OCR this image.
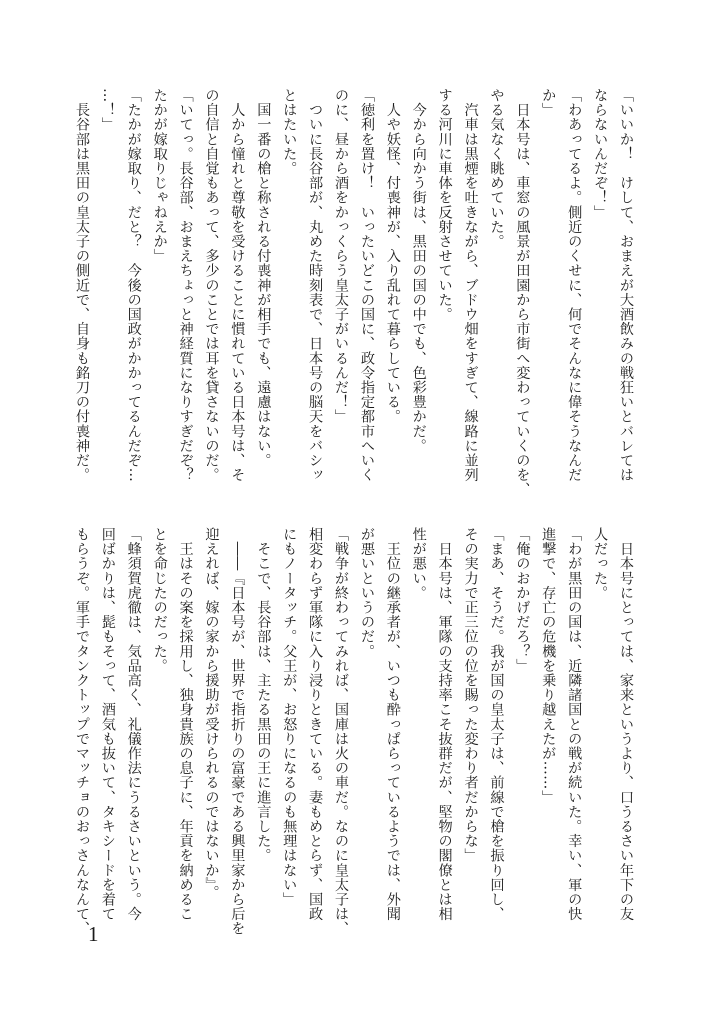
「いいか！　けして、おまえが大酒飲みの戦狂いとバレては
ならないんだぞ！」
「わあってるよ。側近のくせに、何でそんなに偉そうなんだ
か」
　日本号は、車窓の風景が田園から市街へ変わっていくのを、
やる気なく眺めていた。
　汽車は黒煙を吐きながら、ブドウ畑をすぎて、線路に並列
する河川に車体を反射させていた。
　今から向かう街は、黒田の国の中でも、色彩豊かだ。
　人や妖怪、付喪神が、入り乱れて暮らしている。
「徳利を置け！　いったいどこの国に、政令指定都市へいく
のに、昼から酒をかっくらう皇太子がいるんだ！」
　ついに長谷部が、丸めた時刻表で、日本号の脳天をバシッ
とはたいた。
　国一番の槍と称される付喪神が相手でも、遠慮はない。
　人から憧れと尊敬を受けることに慣れている日本号は、そ
の自信と自覚もあって、多少のことでは耳を貸さないのだ。
「いてっ。長谷部、おまえちょっと神経質になりすぎだぞ？
たかが嫁取りじゃねえか」
「たかが嫁取り、だと？　今後の国政がかかってるんだぞ…
…！」
　長谷部は黒田の皇太子の側近で、自身も銘刀の付喪神だ。
　日本号にとっては、家来というより、口うるさい年下の友
人だった。
「わが黒田の国は、近隣諸国との戦が続いた。幸い、軍の快
進撃で、存亡の危機を乗り越えたが……」
「俺のおかげだろ？」
「まあ、そうだ。我が国の皇太子は、前線で槍を振り回し、
その実力で正三位の位を賜った変わり者だからな」
　日本号は、軍隊の支持率こそ抜群だが、堅物の閣僚とは相
性が悪い。
　王位の継承者が、いつも酔っぱらっているようでは、外聞
が悪いというのだ。
「戦争が終わってみれば、国庫は火の車だ。なのに皇太子は、
相変わらず軍隊に入り浸りときている。妻もめとらず、国政
にもノータッチ。父王が、お怒りになるのも無理はない」
　そこで、長谷部は、主たる黒田の王に進言した。
　――『日本号が、世界で指折りの富豪である興里家から后を
迎えれば、嫁の家から援助が受けられるのではないか』。
　王はその案を採用し、独身貴族の息子に、年貢を納めるこ
とを命じたのだった。
「蜂須賀虎徹は、気品高く、礼儀作法にうるさいという。今
回ばかりは、髭もそって、酒気も抜いて、タキシードを着て
もらうぞ。軍手でタンクトップでマッチョのおっさんなんて、
1
